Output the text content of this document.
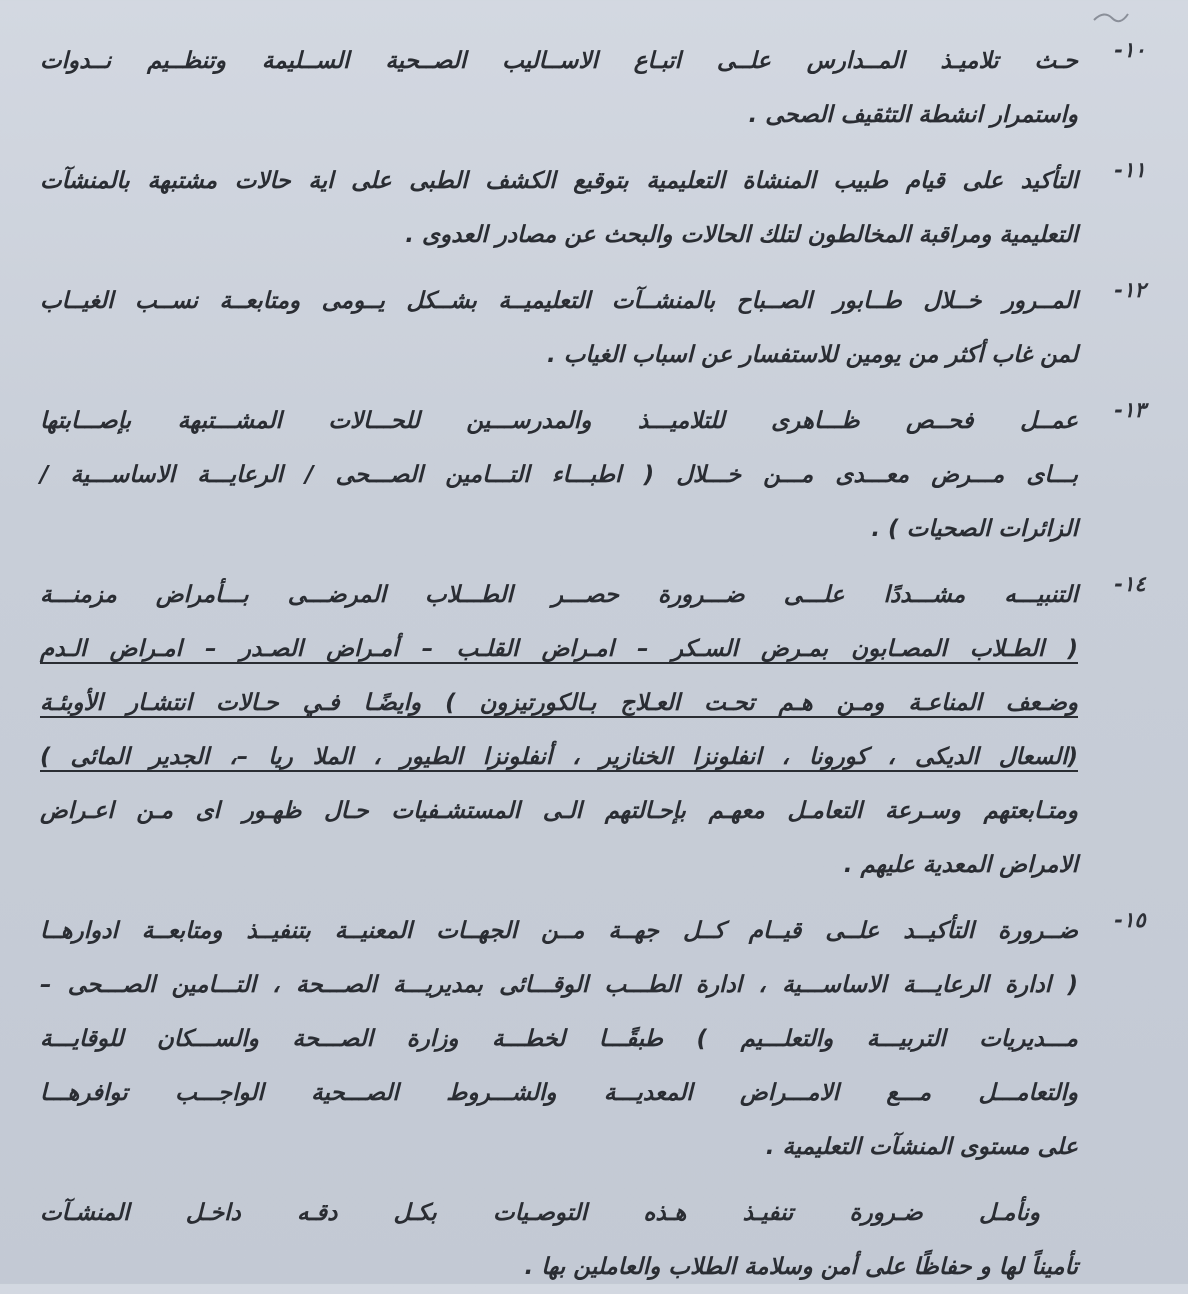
١٠-
حـث تلاميـذ المــدارس علــى اتبـاع الاســاليب الصــحية الســليمة وتنظــيم نــدوات
واستمرار انشطة التثقيف الصحى .
١١-
التأكيد على قيام طبيب المنشاة التعليمية بتوقيع الكشف الطبى على اية حالات مشتبهة بالمنشآت
التعليمية ومراقبة المخالطون لتلك الحالات والبحث عن مصادر العدوى .
١٢-
المــرور خــلال طــابور الصــباح بالمنشــآت التعليميــة بشــكل يــومى ومتابعــة نســب الغيــاب
لمن غاب أكثر من يومين للاستفسار عن اسباب الغياب .
١٣-
عمــل فحــص ظـــاهرى للتلاميـــذ والمدرســـين للحـــالات المشـــتبهة بإصـــابتها
بـــاى مـــرض معـــدى مـــن خـــلال ( اطبـــاء التـــامين الصـــحى / الرعايـــة الاساســـية /
الزائرات الصحيات ) .
١٤-
التنبيـــه مشـــددًا علـــى ضـــرورة حصـــر الطـــلاب المرضـــى بـــأمراض مزمنـــة
( الطـلاب المصـابون بمـرض السـكر – امـراض القلـب – أمـراض الصـدر – امـراض الـدم
وضـعف المناعـة ومـن هـم تحـت العـلاج بـالكورتيزون ) وايضًـا فـي حـالات انتشـار الأوبئـة
(السعال الديكى ، كورونا ، انفلونزا الخنازير ، أنفلونزا الطيور ، الملا ريا –، الجدير المائى )
ومتـابعتهم وسـرعة التعامـل معهـم بإحـالتهم الـى المستشـفيات حـال ظهـور اى مـن اعـراض
الامراض المعدية عليهم .
١٥-
ضــرورة التأكيــد علــى قيــام كــل جهــة مــن الجهــات المعنيــة بتنفيــذ ومتابعــة ادوارهــا
( ادارة الرعايـــة الاساســـية ، ادارة الطـــب الوقـــائى بمديريـــة الصـــحة ، التـــامين الصـــحى –
مـــديريات التربيـــة والتعلـــيم ) طبقًـــا لخطـــة وزارة الصـــحة والســـكان للوقايـــة
والتعامـــل مـــع الامـــراض المعديـــة والشـــروط الصـــحية الواجـــب توافرهـــا
على مستوى المنشآت التعليمية .
ونأمـل ضـرورة تنفيـذ هـذه التوصـيات بكـل دقـه داخـل المنشـآت
تأميناً لها و حفاظًا على أمن وسلامة الطلاب والعاملين بها .
